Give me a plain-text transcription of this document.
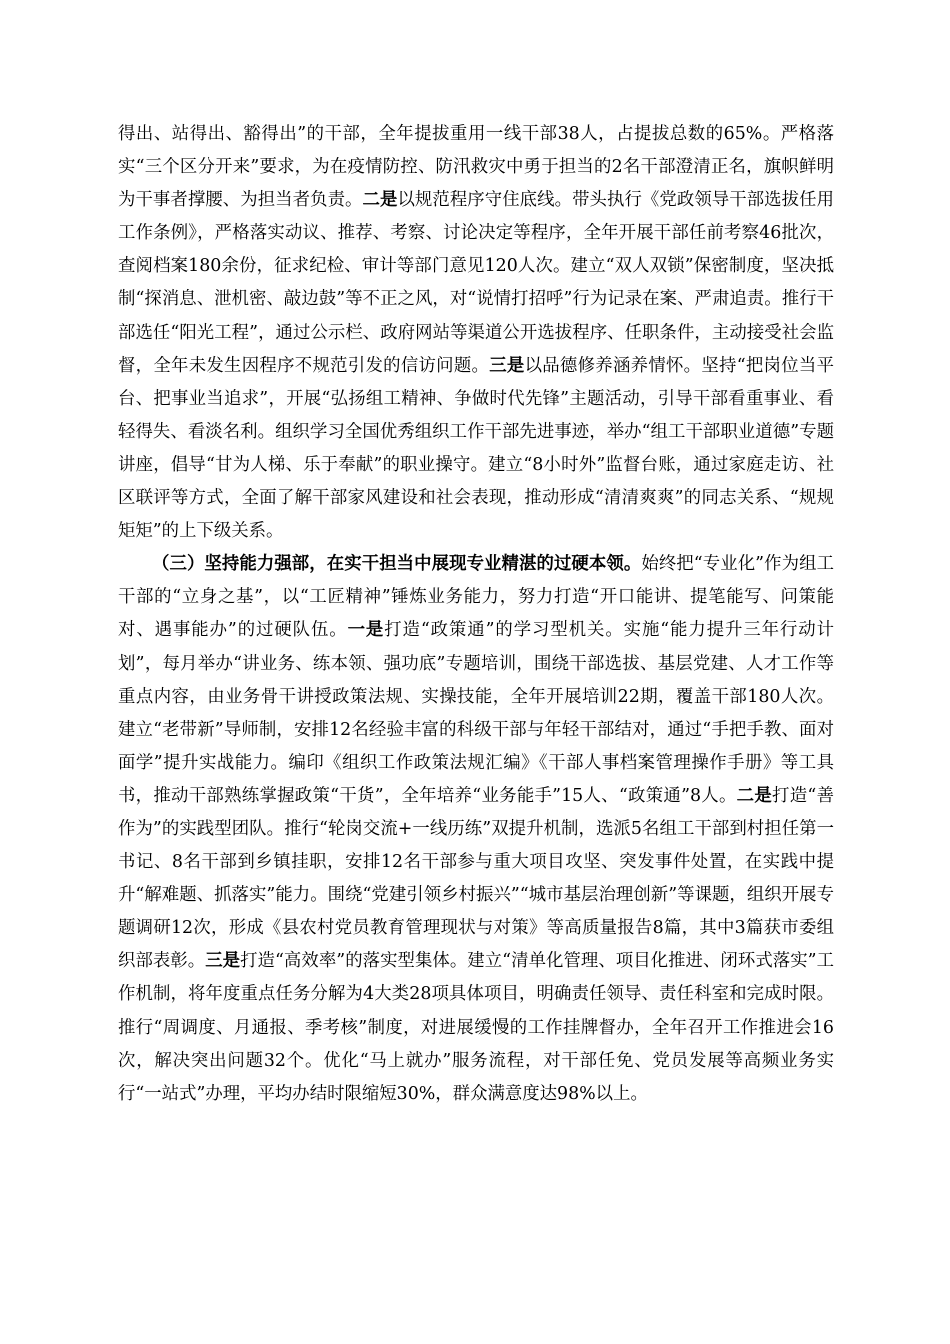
得出、站得出、豁得出”的干部，全年提拔重用一线干部38人，占提拔总数的65%。严格落实“三个区分开来”要求，为在疫情防控、防汛救灾中勇于担当的2名干部澄清正名，旗帜鲜明为干事者撑腰、为担当者负责。二是以规范程序守住底线。带头执行《党政领导干部选拔任用工作条例》，严格落实动议、推荐、考察、讨论决定等程序，全年开展干部任前考察46批次，查阅档案180余份，征求纪检、审计等部门意见120人次。建立“双人双锁”保密制度，坚决抵制“探消息、泄机密、敲边鼓”等不正之风，对“说情打招呼”行为记录在案、严肃追责。推行干部选任“阳光工程”，通过公示栏、政府网站等渠道公开选拔程序、任职条件，主动接受社会监督，全年未发生因程序不规范引发的信访问题。三是以品德修养涵养情怀。坚持“把岗位当平台、把事业当追求”，开展“弘扬组工精神、争做时代先锋”主题活动，引导干部看重事业、看轻得失、看淡名利。组织学习全国优秀组织工作干部先进事迹，举办“组工干部职业道德”专题讲座，倡导“甘为人梯、乐于奉献”的职业操守。建立“8小时外”监督台账，通过家庭走访、社区联评等方式，全面了解干部家风建设和社会表现，推动形成“清清爽爽”的同志关系、“规规矩矩”的上下级关系。

（三）坚持能力强部，在实干担当中展现专业精湛的过硬本领。始终把“专业化”作为组工干部的“立身之基”，以“工匠精神”锤炼业务能力，努力打造“开口能讲、提笔能写、问策能对、遇事能办”的过硬队伍。一是打造“政策通”的学习型机关。实施“能力提升三年行动计划”，每月举办“讲业务、练本领、强功底”专题培训，围绕干部选拔、基层党建、人才工作等重点内容，由业务骨干讲授政策法规、实操技能，全年开展培训22期，覆盖干部180人次。建立“老带新”导师制，安排12名经验丰富的科级干部与年轻干部结对，通过“手把手教、面对面学”提升实战能力。编印《组织工作政策法规汇编》《干部人事档案管理操作手册》等工具书，推动干部熟练掌握政策“干货”，全年培养“业务能手”15人、“政策通”8人。二是打造“善作为”的实践型团队。推行“轮岗交流+一线历练”双提升机制，选派5名组工干部到村担任第一书记、8名干部到乡镇挂职，安排12名干部参与重大项目攻坚、突发事件处置，在实践中提升“解难题、抓落实”能力。围绕“党建引领乡村振兴”“城市基层治理创新”等课题，组织开展专题调研12次，形成《县农村党员教育管理现状与对策》等高质量报告8篇，其中3篇获市委组织部表彰。三是打造“高效率”的落实型集体。建立“清单化管理、项目化推进、闭环式落实”工作机制，将年度重点任务分解为4大类28项具体项目，明确责任领导、责任科室和完成时限。推行“周调度、月通报、季考核”制度，对进展缓慢的工作挂牌督办，全年召开工作推进会16次，解决突出问题32个。优化“马上就办”服务流程，对干部任免、党员发展等高频业务实行“一站式”办理，平均办结时限缩短30%，群众满意度达98%以上。
